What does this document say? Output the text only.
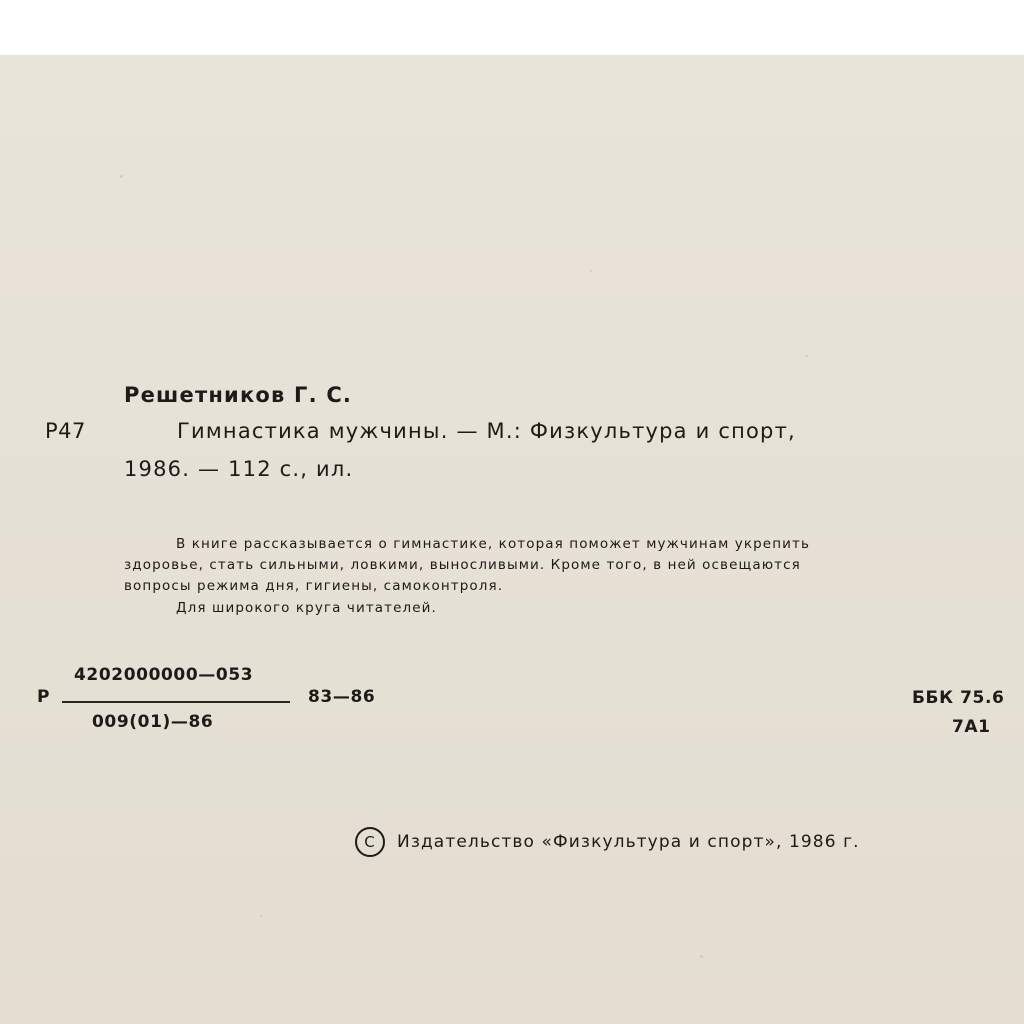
Решетников Г. С.
Р47	Гимнастика мужчины. — М.: Физкультура и спорт,
1986. — 112 с., ил.
В книге рассказывается о гимнастике, которая поможет мужчинам укрепить
здоровье, стать сильными, ловкими, выносливыми. Кроме того, в ней освещаются
вопросы режима дня, гигиены, самоконтроля.
Для широкого круга читателей.
Р
4202000000—053
009(01)—86
83—86	ББК 75.6
7А1
C	Издательство «Физкультура и спорт», 1986 г.
